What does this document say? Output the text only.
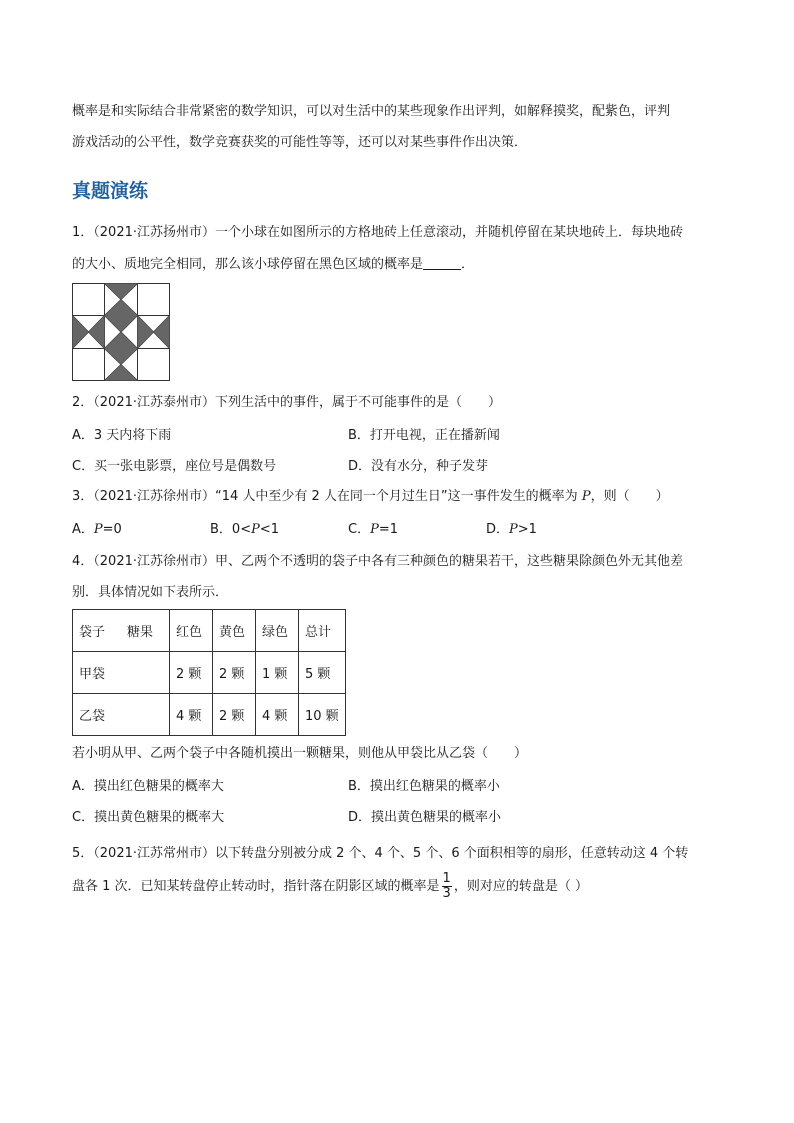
概率是和实际结合非常紧密的数学知识，可以对生活中的某些现象作出评判，如解释摸奖，配紫色，评判

游戏活动的公平性，数学竞赛获奖的可能性等等，还可以对某些事件作出决策．

真题演练

1．（2021·江苏扬州市）一个小球在如图所示的方格地砖上任意滚动，并随机停留在某块地砖上．每块地砖

的大小、质地完全相同，那么该小球停留在黑色区域的概率是	．

2．（2021·江苏泰州市）下列生活中的事件，属于不可能事件的是（　　）

A．3 天内将下雨	B．打开电视，正在播新闻
C．买一张电影票，座位号是偶数号	D．没有水分，种子发芽

3．（2021·江苏徐州市）“14 人中至少有 2 人在同一个月过生日”这一事件发生的概率为 P，则（　　）

A．P=0	B．0<P<1	C．P=1	D．P>1

4．（2021·江苏徐州市）甲、乙两个不透明的袋子中各有三种颜色的糖果若干，这些糖果除颜色外无其他差

别．具体情况如下表所示．

袋子 糖果	红色	黄色	绿色	总计
甲袋	2 颗	2 颗	1 颗	5 颗
乙袋	4 颗	2 颗	4 颗	10 颗

若小明从甲、乙两个袋子中各随机摸出一颗糖果，则他从甲袋比从乙袋（　　）

A．摸出红色糖果的概率大	B．摸出红色糖果的概率小
C．摸出黄色糖果的概率大	D．摸出黄色糖果的概率小

5．（2021·江苏常州市）以下转盘分别被分成 2 个、4 个、5 个、6 个面积相等的扇形，任意转动这 4 个转

盘各 1 次．已知某转盘停止转动时，指针落在阴影区域的概率是 $\frac{1}{3}$ ，则对应的转盘是（ ）
